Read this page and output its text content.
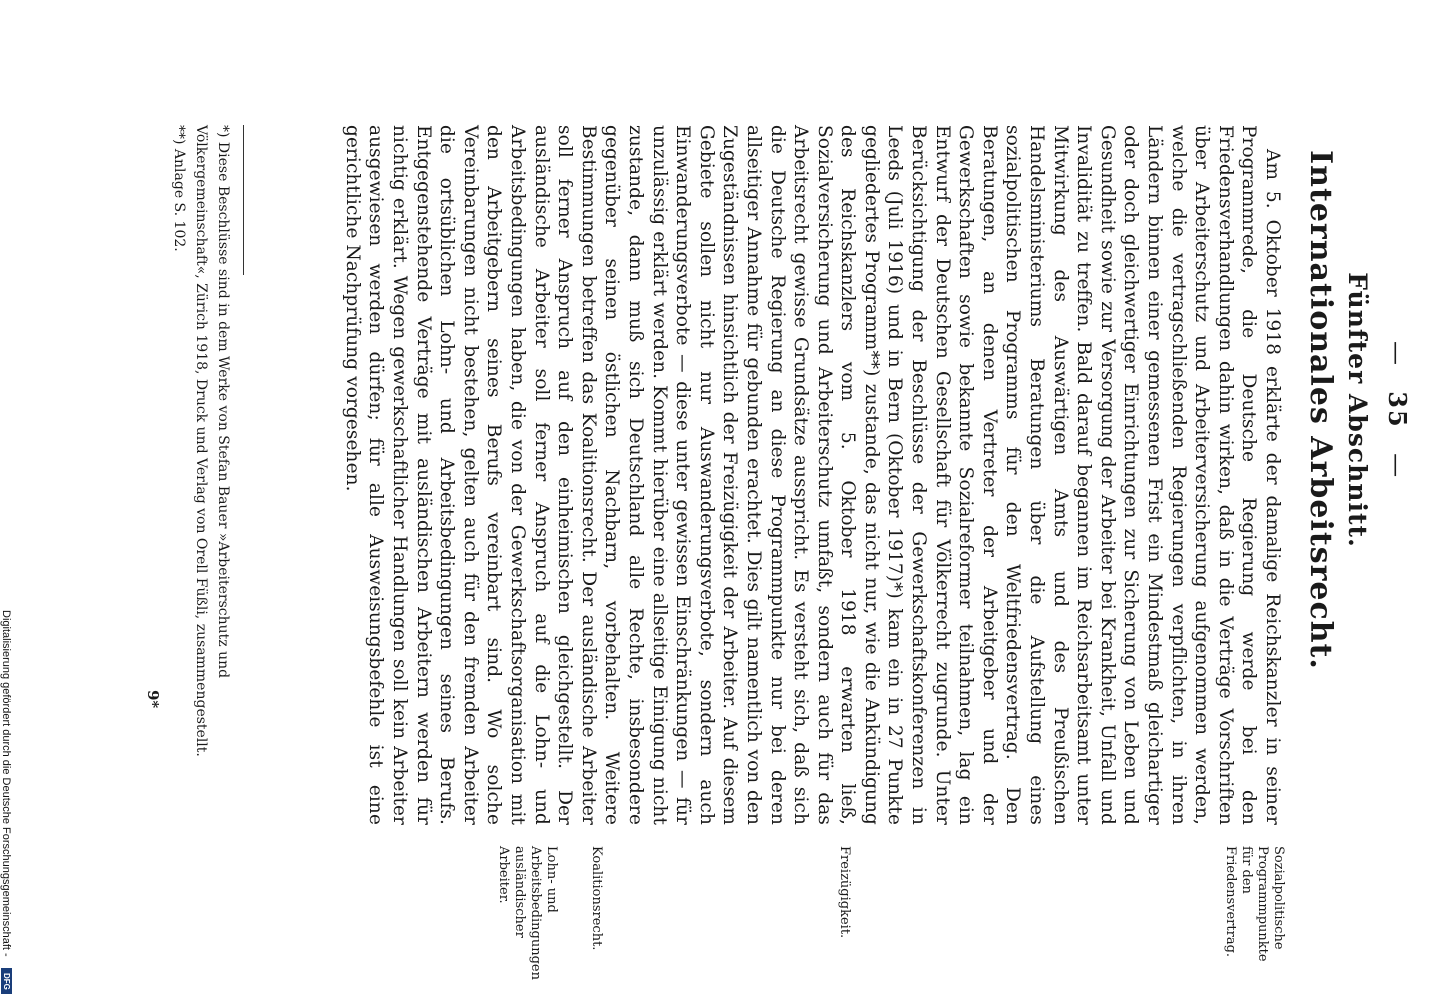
— 35 —
Fünfter Abschnitt.
Internationales Arbeitsrecht.

Am 5. Oktober 1918 erklärte der damalige Reichskanzler in seiner Programmrede, die Deutsche Regierung werde bei den Friedensverhandlungen dahin wirken, daß in die Verträge Vorschriften über Arbeiterschutz und Arbeiterversicherung aufgenommen werden, welche die vertragschließenden Regierungen verpflichten, in ihren Ländern binnen einer gemessenen Frist ein Mindestmaß gleichartiger oder doch gleichwertiger Einrichtungen zur Sicherung von Leben und Gesundheit sowie zur Versorgung der Arbeiter bei Krankheit, Unfall und Invalidität zu treffen. Bald darauf begannen im Reichsarbeitsamt unter Mitwirkung des Auswärtigen Amts und des Preußischen Handelsministeriums Beratungen über die Aufstellung eines sozialpolitischen Programms für den Weltfriedensvertrag. Den Beratungen, an denen Vertreter der Arbeitgeber und der Gewerkschaften sowie bekannte Sozialreformer teilnahmen, lag ein Entwurf der Deutschen Gesellschaft für Völkerrecht zugrunde. Unter Berücksichtigung der Beschlüsse der Gewerkschaftskonferenzen in Leeds (Juli 1916) und in Bern (Oktober 1917)*) kam ein in 27 Punkte gegliedertes Programm**) zustande, das nicht nur, wie die Ankündigung des Reichskanzlers vom 5. Oktober 1918 erwarten ließ, Sozialversicherung und Arbeiterschutz umfaßt, sondern auch für das Arbeitsrecht gewisse Grundsätze ausspricht. Es versteht sich, daß sich die Deutsche Regierung an diese Programmpunkte nur bei deren allseitiger Annahme für gebunden erachtet. Dies gilt namentlich von den Zugeständnissen hinsichtlich der Freizügigkeit der Arbeiter. Auf diesem Gebiete sollen nicht nur Auswanderungsverbote, sondern auch Einwanderungsverbote — diese unter gewissen Einschränkungen — für unzulässig erklärt werden. Kommt hierüber eine allseitige Einigung nicht zustande, dann muß sich Deutschland alle Rechte, insbesondere gegenüber seinen östlichen Nachbarn, vorbehalten. Weitere Bestimmungen betreffen das Koalitionsrecht. Der ausländische Arbeiter soll ferner Anspruch auf den einheimischen gleichgestellt. Der ausländische Arbeiter soll ferner Anspruch auf die Lohn- und Arbeitsbedingungen haben, die von der Gewerkschaftsorganisation mit den Arbeitgebern seines Berufs vereinbart sind. Wo solche Vereinbarungen nicht bestehen, gelten auch für den fremden Arbeiter die ortsüblichen Lohn- und Arbeitsbedingungen seines Berufs. Entgegenstehende Verträge mit ausländischen Arbeitern werden für nichtig erklärt. Wegen gewerkschaftlicher Handlungen soll kein Arbeiter ausgewiesen werden dürfen; für alle Ausweisungsbefehle ist eine gerichtliche Nachprüfung vorgesehen.

Sozialpolitische Programmpunkte für den Friedensvertrag.
Freizügigkeit.
Koalitionsrecht.
Lohn- und Arbeitsbedingungen ausländischer Arbeiter.
*) Diese Beschlüsse sind in dem Werke von Stefan Bauer »Arbeiterschutz und Völkergemeinschaft«, Zürich 1918, Druck und Verlag von Orell Füßli, zusammengestellt.
**) Anlage S. 102.
9*
Digitalisierung gefördert durch die Deutsche Forschungsgemeinschaft -
DFG
